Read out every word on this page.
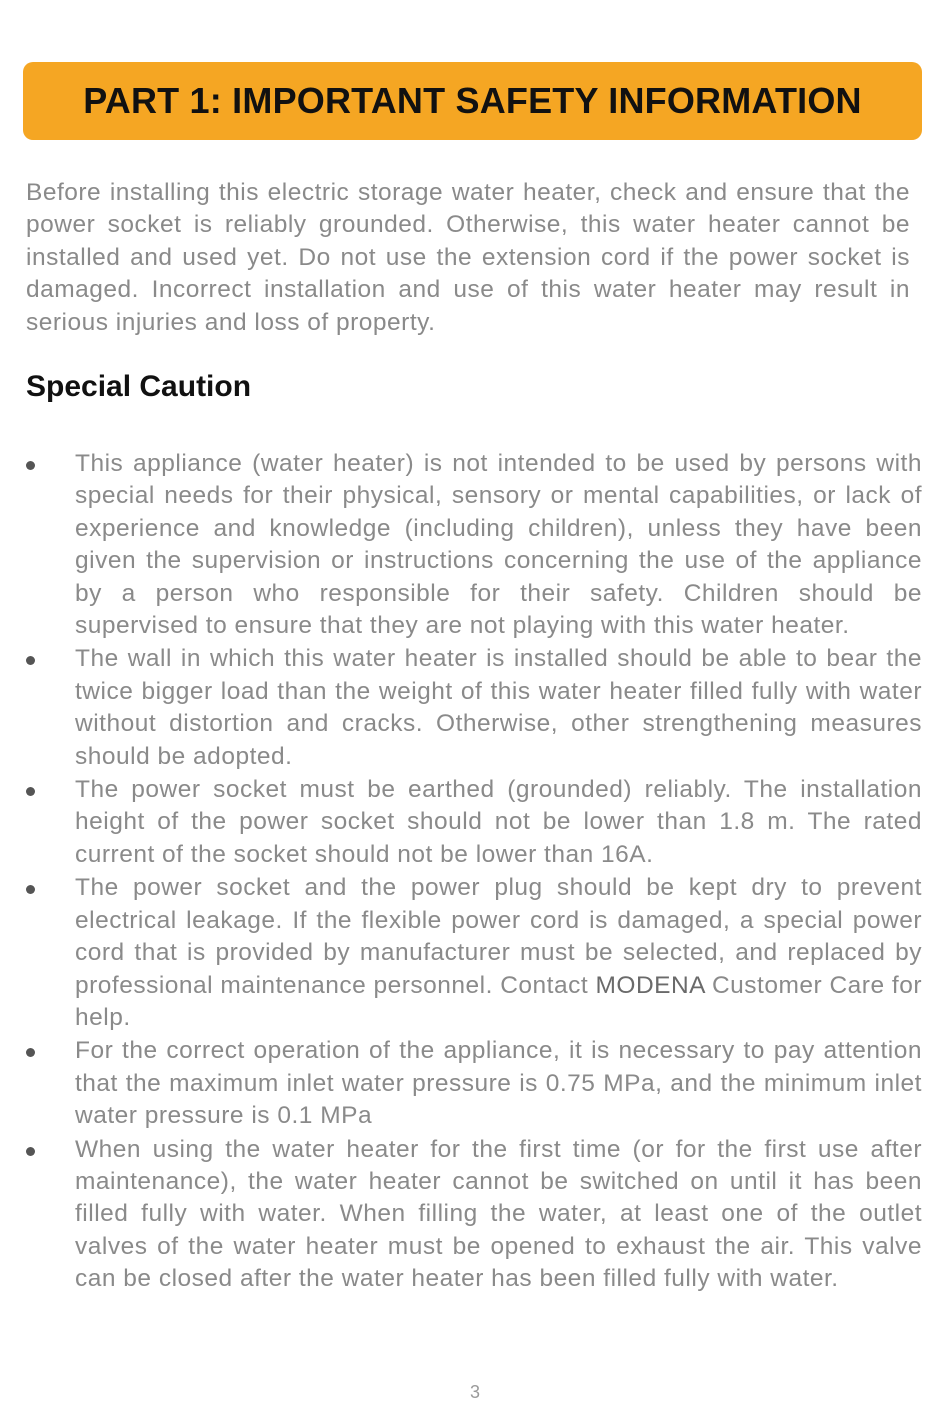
PART 1: IMPORTANT SAFETY INFORMATION

Before installing this electric storage water heater, check and ensure that the power socket is reliably grounded. Otherwise, this water heater cannot be installed and used yet. Do not use the extension cord if the power socket is damaged. Incorrect installation and use of this water heater may result in serious injuries and loss of property.

Special Caution
This appliance (water heater) is not intended to be used by persons with special needs for their physical, sensory or mental capabilities, or lack of experience and knowledge (including children), unless they have been given the supervision or instructions concerning the use of the appliance by a person who responsible for their safety. Children should be supervised to ensure that they are not playing with this water heater.
The wall in which this water heater is installed should be able to bear the twice bigger load than the weight of this water heater filled fully with water without distortion and cracks. Otherwise, other strengthening measures should be adopted.
The power socket must be earthed (grounded) reliably. The installation height of the power socket should not be lower than 1.8 m. The rated current of the socket should not be lower than 16A.
The power socket and the power plug should be kept dry to prevent electrical leakage. If the flexible power cord is damaged, a special power cord that is provided by manufacturer must be selected, and replaced by professional maintenance personnel. Contact MODENA Customer Care for help.
For the correct operation of the appliance, it is necessary to pay attention that the maximum inlet water pressure is 0.75 MPa, and the minimum inlet water pressure is 0.1 MPa
When using the water heater for the first time (or for the first use after maintenance), the water heater cannot be switched on until it has been filled fully with water. When filling the water, at least one of the outlet valves of the water heater must be opened to exhaust the air. This valve can be closed after the water heater has been filled fully with water.
3
